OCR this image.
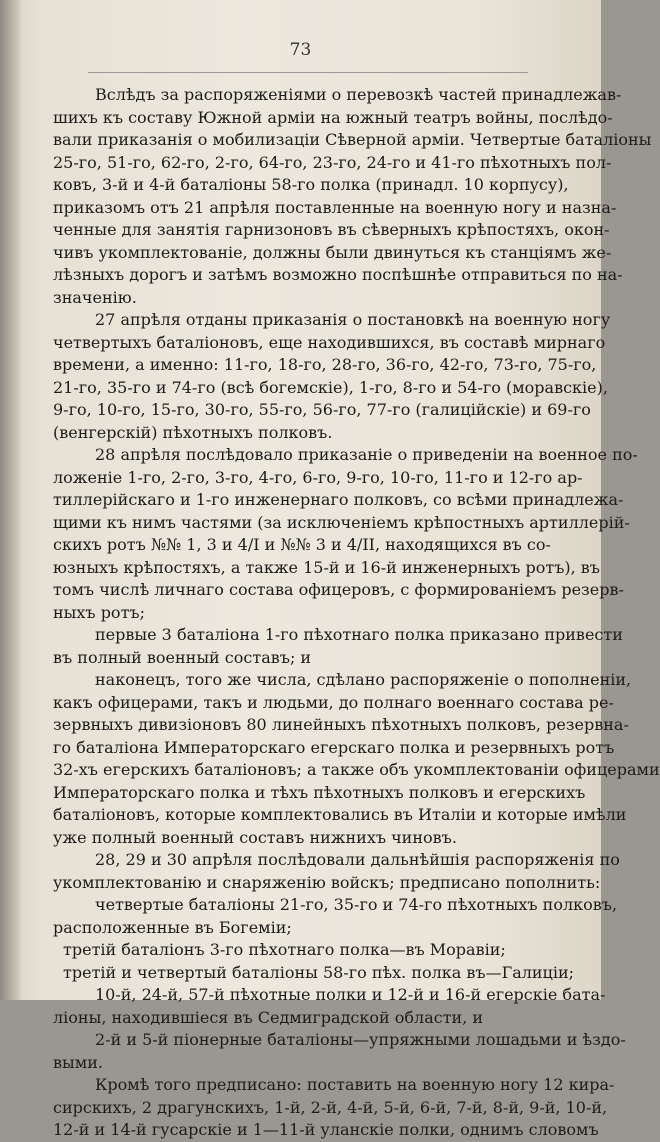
73
Вслѣдъ за распоряженіями о перевозкѣ частей принадлежав-
шихъ къ составу Южной арміи на южный театръ войны, послѣдо-
вали приказанія о мобилизаціи Сѣверной арміи. Четвертые баталіоны
25-го, 51-го, 62-го, 2-го, 64-го, 23-го, 24-го и 41-го пѣхотныхъ пол-
ковъ, 3-й и 4-й баталіоны 58-го полка (принадл. 10 корпусу),
приказомъ отъ 21 апрѣля поставленные на военную ногу и назна-
ченные для занятія гарнизоновъ въ сѣверныхъ крѣпостяхъ, окон-
чивъ укомплектованіе, должны были двинуться къ станціямъ же-
лѣзныхъ дорогъ и затѣмъ возможно поспѣшнѣе отправиться по на-
значенію.
27 апрѣля отданы приказанія о постановкѣ на военную ногу
четвертыхъ баталіоновъ, еще находившихся, въ составѣ мирнаго
времени, а именно: 11-го, 18-го, 28-го, 36-го, 42-го, 73-го, 75-го,
21-го, 35-го и 74-го (всѣ богемскіе), 1-го, 8-го и 54-го (моравскіе),
9-го, 10-го, 15-го, 30-го, 55-го, 56-го, 77-го (галиційскіе) и 69-го
(венгерскій) пѣхотныхъ полковъ.
28 апрѣля послѣдовало приказаніе о приведеніи на военное по-
ложеніе 1-го, 2-го, 3-го, 4-го, 6-го, 9-го, 10-го, 11-го и 12-го ар-
тиллерійскаго и 1-го инженернаго полковъ, со всѣми принадлежа-
щими къ нимъ частями (за исключеніемъ крѣпостныхъ артиллерій-
скихъ ротъ №№ 1, 3 и 4/I и №№ 3 и 4/II, находящихся въ со-
юзныхъ крѣпостяхъ, а также 15-й и 16-й инженерныхъ ротъ), въ
томъ числѣ личнаго состава офицеровъ, с формированіемъ резерв-
ныхъ ротъ;
первые 3 баталіона 1-го пѣхотнаго полка приказано привести
въ полный военный составъ; и
наконецъ, того же числа, сдѣлано распоряженіе о пополненіи,
какъ офицерами, такъ и людьми, до полнаго военнаго состава ре-
зервныхъ дивизіоновъ 80 линейныхъ пѣхотныхъ полковъ, резервна-
го баталіона Императорскаго егерскаго полка и резервныхъ ротъ
32-хъ егерскихъ баталіоновъ; а также объ укомплектованіи офицерами
Императорскаго полка и тѣхъ пѣхотныхъ полковъ и егерскихъ
баталіоновъ, которые комплектовались въ Италіи и которые имѣли
уже полный военный составъ нижнихъ чиновъ.
28, 29 и 30 апрѣля послѣдовали дальнѣйшія распоряженія по
укомплектованію и снаряженію войскъ; предписано пополнить:
четвертые баталіоны 21-го, 35-го и 74-го пѣхотныхъ полковъ,
расположенные въ Богеміи;
третій баталіонъ 3-го пѣхотнаго полка—въ Моравіи;
третій и четвертый баталіоны 58-го пѣх. полка въ—Галиціи;
10-й, 24-й, 57-й пѣхотные полки и 12-й и 16-й егерскіе бата-
ліоны, находившіеся въ Седмиградской области, и
2-й и 5-й піонерные баталіоны—упряжными лошадьми и ѣздо-
выми.
Кромѣ того предписано: поставить на военную ногу 12 кира-
сирскихъ, 2 драгунскихъ, 1-й, 2-й, 4-й, 5-й, 6-й, 7-й, 8-й, 9-й, 10-й,
12-й и 14-й гусарскіе и 1—11-й уланскіе полки, однимъ словомъ
